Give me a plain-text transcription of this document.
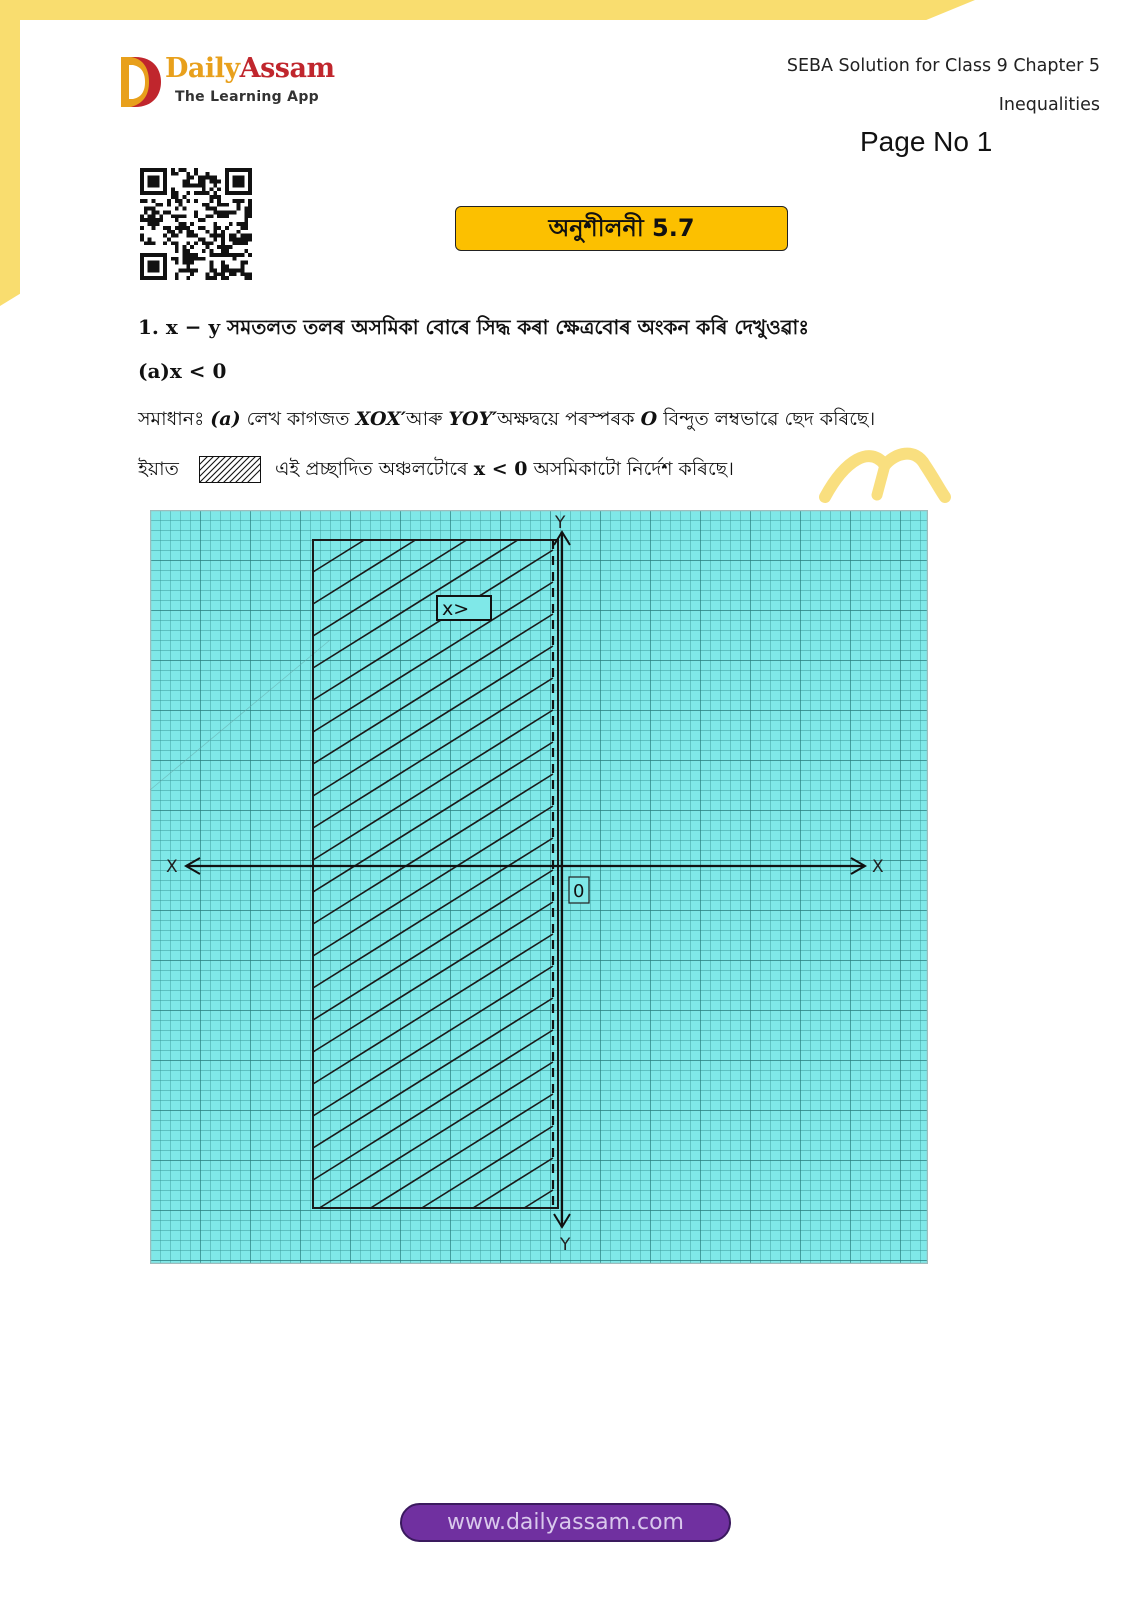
DailyAssam
The Learning App
SEBA Solution for Class 9 Chapter 5
Inequalities
Page No 1
অনুশীলনী 5.7
1. x − y সমতলত তলৰ অসমিকা বোৰে সিদ্ধ কৰা ক্ষেত্ৰবোৰ অংকন কৰি দেখুওৱাঃ
(a)x < 0
সমাধানঃ (a) লেখ কাগজত XOX′আৰু YOY′অক্ষদ্বয়ে পৰস্পৰক O বিন্দুত লম্বভাৱে ছেদ কৰিছে।
ইয়াত	এই প্ৰচ্ছাদিত অঞ্চলটোৰে x < 0 অসমিকাটো নিৰ্দেশ কৰিছে।
Y
Y
X	X
0
x>
www.dailyassam.com
